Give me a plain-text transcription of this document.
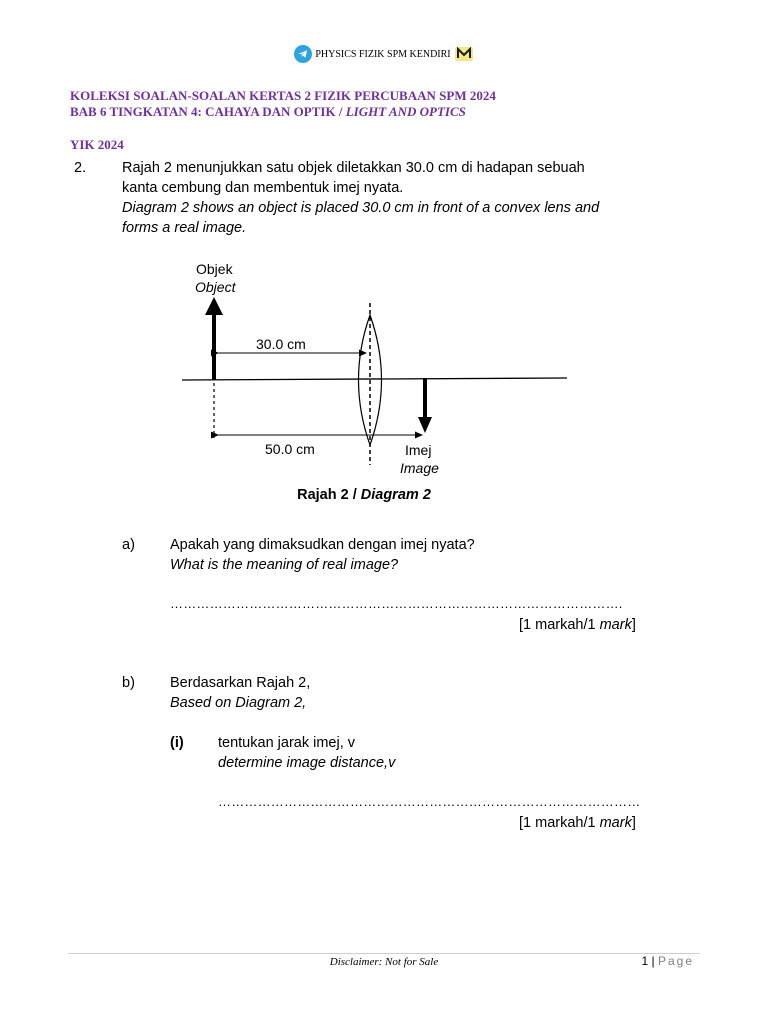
PHYSICS FIZIK SPM KENDIRI
KOLEKSI SOALAN-SOALAN KERTAS 2 FIZIK PERCUBAAN SPM 2024
BAB 6 TINGKATAN 4: CAHAYA DAN OPTIK / LIGHT AND OPTICS
YIK 2024
2. Rajah 2 menunjukkan satu objek diletakkan 30.0 cm di hadapan sebuah
kanta cembung dan membentuk imej nyata.
Diagram 2 shows an object is placed 30.0 cm in front of a convex lens and
forms a real image.
Objek
Object
30.0 cm
50.0 cm	Imej
Image
Rajah 2 / Diagram 2
a) Apakah yang dimaksudkan dengan imej nyata?
What is the meaning of real image?
………………………………………………………………………………………….
[1 markah/1 mark]
b) Berdasarkan Rajah 2,
Based on Diagram 2,
(i) tentukan jarak imej, v
determine image distance,v
……………………………………………………………………………………
[1 markah/1 mark]
Disclaimer: Not for Sale	1 | Page
